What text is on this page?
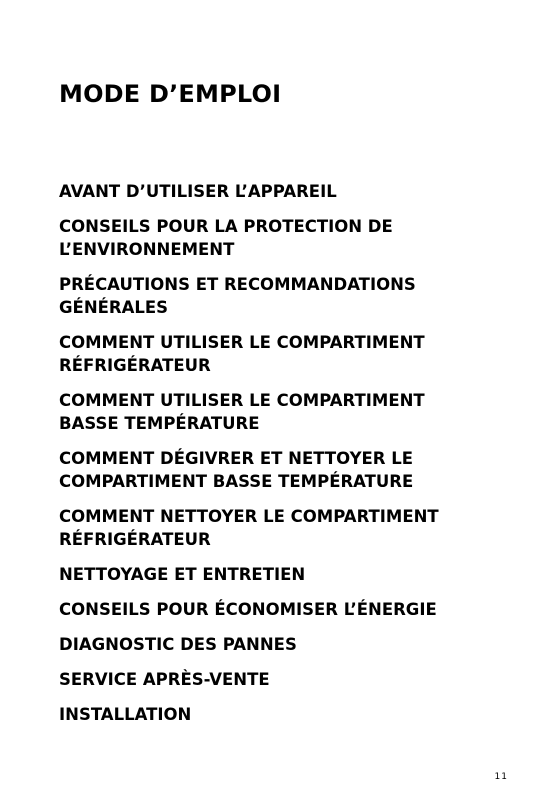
MODE D’EMPLOI
AVANT D’UTILISER L’APPAREIL
CONSEILS POUR LA PROTECTION DE
L’ENVIRONNEMENT
PRÉCAUTIONS ET RECOMMANDATIONS
GÉNÉRALES
COMMENT UTILISER LE COMPARTIMENT
RÉFRIGÉRATEUR
COMMENT UTILISER LE COMPARTIMENT
BASSE TEMPÉRATURE
COMMENT DÉGIVRER ET NETTOYER LE
COMPARTIMENT BASSE TEMPÉRATURE
COMMENT NETTOYER LE COMPARTIMENT
RÉFRIGÉRATEUR
NETTOYAGE ET ENTRETIEN
CONSEILS POUR ÉCONOMISER L’ÉNERGIE
DIAGNOSTIC DES PANNES
SERVICE APRÈS-VENTE
INSTALLATION
11
